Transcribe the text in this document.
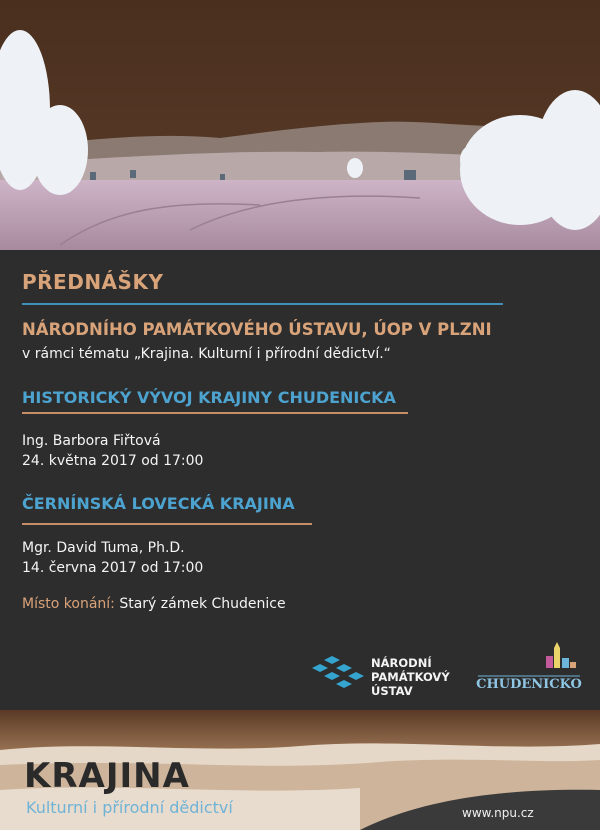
PŘEDNÁŠKY
NÁRODNÍHO PAMÁTKOVÉHO ÚSTAVU, ÚOP V PLZNI
v rámci tématu „Krajina. Kulturní i přírodní dědictví.“
HISTORICKÝ VÝVOJ KRAJINY CHUDENICKA
Ing. Barbora Fiřtová
24. května 2017 od 17:00
ČERNÍNSKÁ LOVECKÁ KRAJINA
Mgr. David Tuma, Ph.D.
14. června 2017 od 17:00
Místo konání: Starý zámek Chudenice
NÁRODNÍ
PAMÁTKOVÝ
ÚSTAV	CHUDENICKO
KRAJINA
Kulturní i přírodní dědictví	www.npu.cz
